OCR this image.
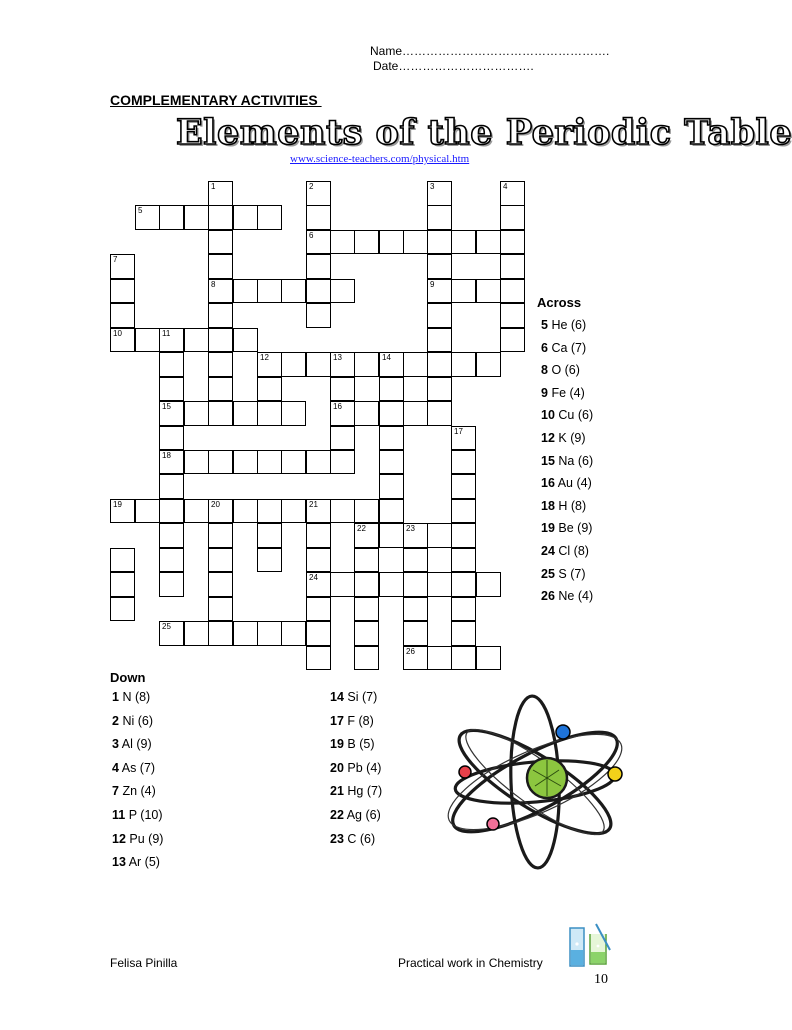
Name…………………………………………….
Date…………………………….
COMPLEMENTARY ACTIVITIES
Elements of the Periodic Table
www.science-teachers.com/physical.htm
1	2	3	4
5
6
7
8	9
10	11
12	13	14
15	16
17
18
19	20	21
22	23
24
25
26
Across
5 He (6)
6 Ca (7)
8 O (6)
9 Fe (4)
10 Cu (6)
12 K (9)
15 Na (6)
16 Au (4)
18 H (8)
19 Be (9)
24 Cl (8)
25 S (7)
26 Ne (4)
Down
1 N (8)
2 Ni (6)
3 Al (9)
4 As (7)
7 Zn (4)
11 P (10)
12 Pu (9)
13 Ar (5)
14 Si (7)
17 F (8)
19 B (5)
20 Pb (4)
21 Hg (7)
22 Ag (6)
23 C (6)
Felisa Pinilla	Practical work in Chemistry
10
